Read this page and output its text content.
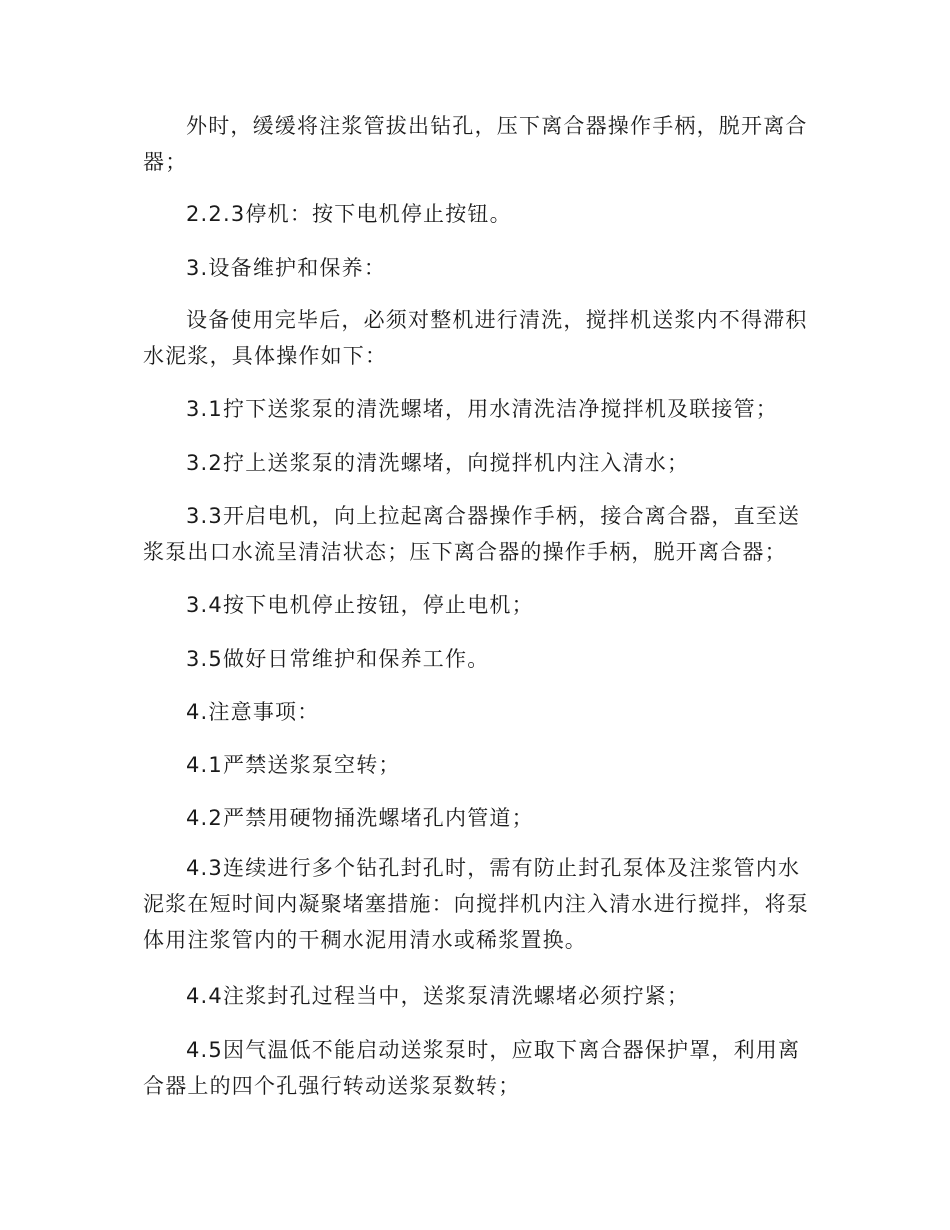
外时，缓缓将注浆管拔出钻孔，压下离合器操作手柄，脱开离合器；

2.2.3停机：按下电机停止按钮。

3.设备维护和保养：

设备使用完毕后，必须对整机进行清洗，搅拌机送浆内不得滞积水泥浆，具体操作如下：

3.1拧下送浆泵的清洗螺堵，用水清洗洁净搅拌机及联接管；

3.2拧上送浆泵的清洗螺堵，向搅拌机内注入清水；

3.3开启电机，向上拉起离合器操作手柄，接合离合器，直至送浆泵出口水流呈清洁状态；压下离合器的操作手柄，脱开离合器；

3.4按下电机停止按钮，停止电机；

3.5做好日常维护和保养工作。

4.注意事项：

4.1严禁送浆泵空转；

4.2严禁用硬物捅洗螺堵孔内管道；

4.3连续进行多个钻孔封孔时，需有防止封孔泵体及注浆管内水泥浆在短时间内凝聚堵塞措施：向搅拌机内注入清水进行搅拌，将泵体用注浆管内的干稠水泥用清水或稀浆置换。

4.4注浆封孔过程当中，送浆泵清洗螺堵必须拧紧；

4.5因气温低不能启动送浆泵时，应取下离合器保护罩，利用离合器上的四个孔强行转动送浆泵数转；
